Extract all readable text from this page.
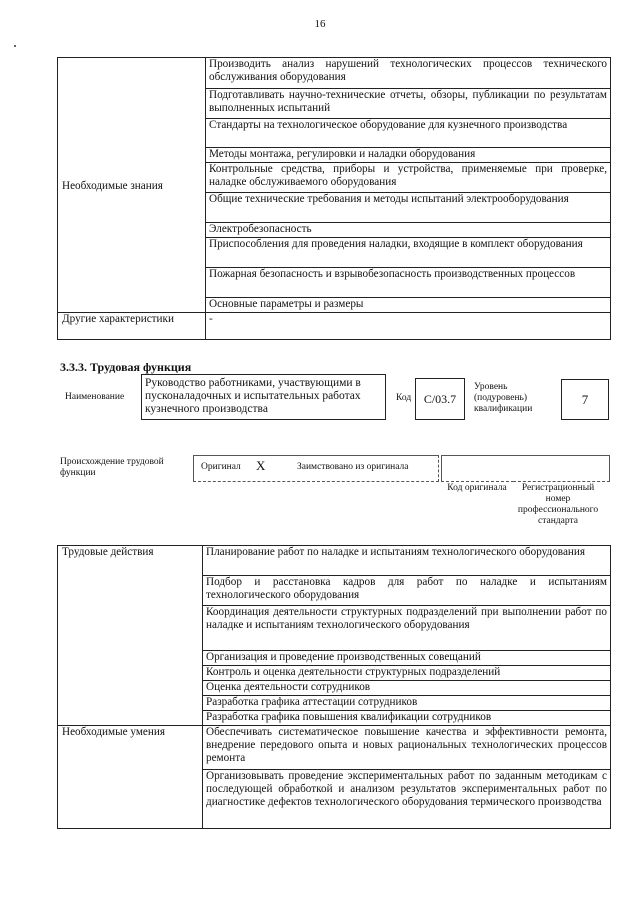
16
Необходимые знания	Производить анализ нарушений технологических процессов технического обслуживания оборудования
	Подготавливать научно-технические отчеты, обзоры, публикации по результатам выполненных испытаний
	Стандарты на технологическое оборудование для кузнечного производства
	Методы монтажа, регулировки и наладки оборудования
	Контрольные средства, приборы и устройства, применяемые при проверке, наладке обслуживаемого оборудования
	Общие технические требования и методы испытаний электрооборудования
	Электробезопасность
	Приспособления для проведения наладки, входящие в комплект оборудования
	Пожарная безопасность и взрывобезопасность производственных процессов
	Основные параметры и размеры
Другие характеристики	-
3.3.3. Трудовая функция
Наименование
Руководство работниками, участвующими в пусконаладочных и испытательных работах кузнечного производства
Код	С/03.7
Уровень (подуровень) квалификации
7
Происхождение трудовой функции
Оригинал X	Заимствовано из оригинала
Код оригинала	Регистрационный номер профессионального стандарта
Трудовые действия	Планирование работ по наладке и испытаниям технологического оборудования
	Подбор и расстановка кадров для работ по наладке и испытаниям технологического оборудования
	Координация деятельности структурных подразделений при выполнении работ по наладке и испытаниям технологического оборудования
	Организация и проведение производственных совещаний
	Контроль и оценка деятельности структурных подразделений
	Оценка деятельности сотрудников
	Разработка графика аттестации сотрудников
	Разработка графика повышения квалификации сотрудников
Необходимые умения	Обеспечивать систематическое повышение качества и эффективности ремонта, внедрение передового опыта и новых рациональных технологических процессов ремонта
	Организовывать проведение экспериментальных работ по заданным методикам с последующей обработкой и анализом результатов экспериментальных работ по диагностике дефектов технологического оборудования термического производства
